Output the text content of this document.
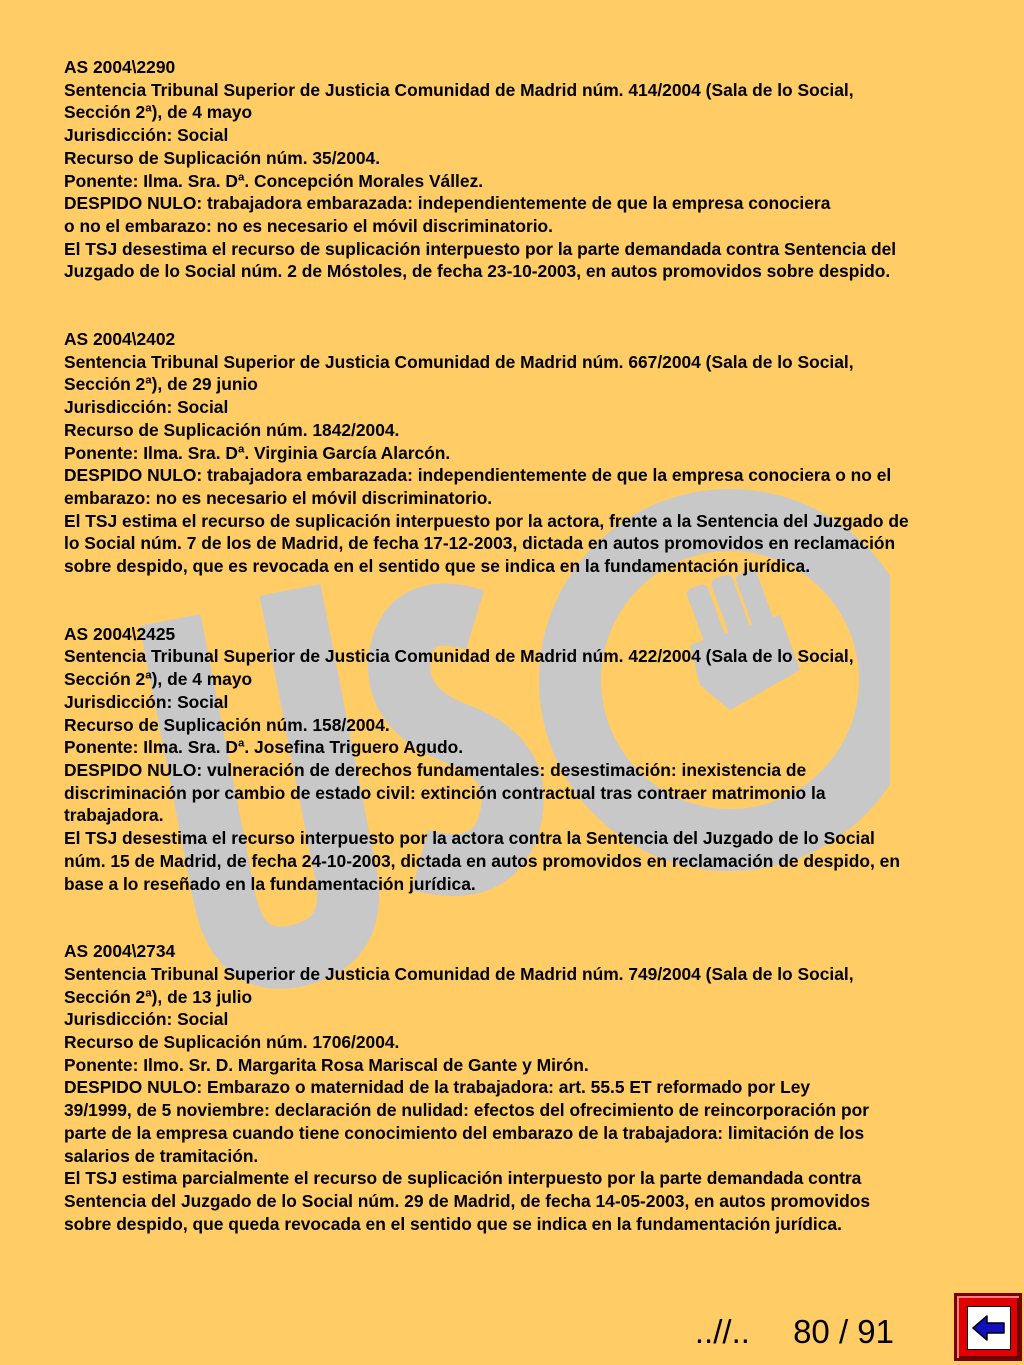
AS 2004\2290

Sentencia Tribunal Superior de Justicia Comunidad de Madrid núm. 414/2004 (Sala de lo Social,

Sección 2ª), de 4 mayo

Jurisdicción: Social

Recurso de Suplicación núm. 35/2004.

Ponente: Ilma. Sra. Dª. Concepción Morales Vállez.

DESPIDO NULO: trabajadora embarazada: independientemente de que la empresa conociera

o no el embarazo: no es necesario el móvil discriminatorio.

El TSJ desestima el recurso de suplicación interpuesto por la parte demandada contra Sentencia del

Juzgado de lo Social núm. 2 de Móstoles, de fecha 23-10-2003, en autos promovidos sobre despido.

AS 2004\2402

Sentencia Tribunal Superior de Justicia Comunidad de Madrid núm. 667/2004 (Sala de lo Social,

Sección 2ª), de 29 junio

Jurisdicción: Social

Recurso de Suplicación núm. 1842/2004.

Ponente: Ilma. Sra. Dª. Virginia García Alarcón.

DESPIDO NULO: trabajadora embarazada: independientemente de que la empresa conociera o no el

embarazo: no es necesario el móvil discriminatorio.

El TSJ estima el recurso de suplicación interpuesto por la actora, frente a la Sentencia del Juzgado de

lo Social núm. 7 de los de Madrid, de fecha 17-12-2003, dictada en autos promovidos en reclamación

sobre despido, que es revocada en el sentido que se indica en la fundamentación jurídica.

AS 2004\2425

Sentencia Tribunal Superior de Justicia Comunidad de Madrid núm. 422/2004 (Sala de lo Social,

Sección 2ª), de 4 mayo

Jurisdicción: Social

Recurso de Suplicación núm. 158/2004.

Ponente: Ilma. Sra. Dª. Josefina Triguero Agudo.

DESPIDO NULO: vulneración de derechos fundamentales: desestimación: inexistencia de

discriminación por cambio de estado civil: extinción contractual tras contraer matrimonio la

trabajadora.

El TSJ desestima el recurso interpuesto por la actora contra la Sentencia del Juzgado de lo Social

núm. 15 de Madrid, de fecha 24-10-2003, dictada en autos promovidos en reclamación de despido, en

base a lo reseñado en la fundamentación jurídica.

AS 2004\2734

Sentencia Tribunal Superior de Justicia Comunidad de Madrid núm. 749/2004 (Sala de lo Social,

Sección 2ª), de 13 julio

Jurisdicción: Social

Recurso de Suplicación núm. 1706/2004.

Ponente: Ilmo. Sr. D. Margarita Rosa Mariscal de Gante y Mirón.

DESPIDO NULO: Embarazo o maternidad de la trabajadora: art. 55.5 ET reformado por Ley

39/1999, de 5 noviembre: declaración de nulidad: efectos del ofrecimiento de reincorporación por

parte de la empresa cuando tiene conocimiento del embarazo de la trabajadora: limitación de los

salarios de tramitación.

El TSJ estima parcialmente el recurso de suplicación interpuesto por la parte demandada contra

Sentencia del Juzgado de lo Social núm. 29 de Madrid, de fecha 14-05-2003, en autos promovidos

sobre despido, que queda revocada en el sentido que se indica en la fundamentación jurídica.

..//.. 80 / 91
